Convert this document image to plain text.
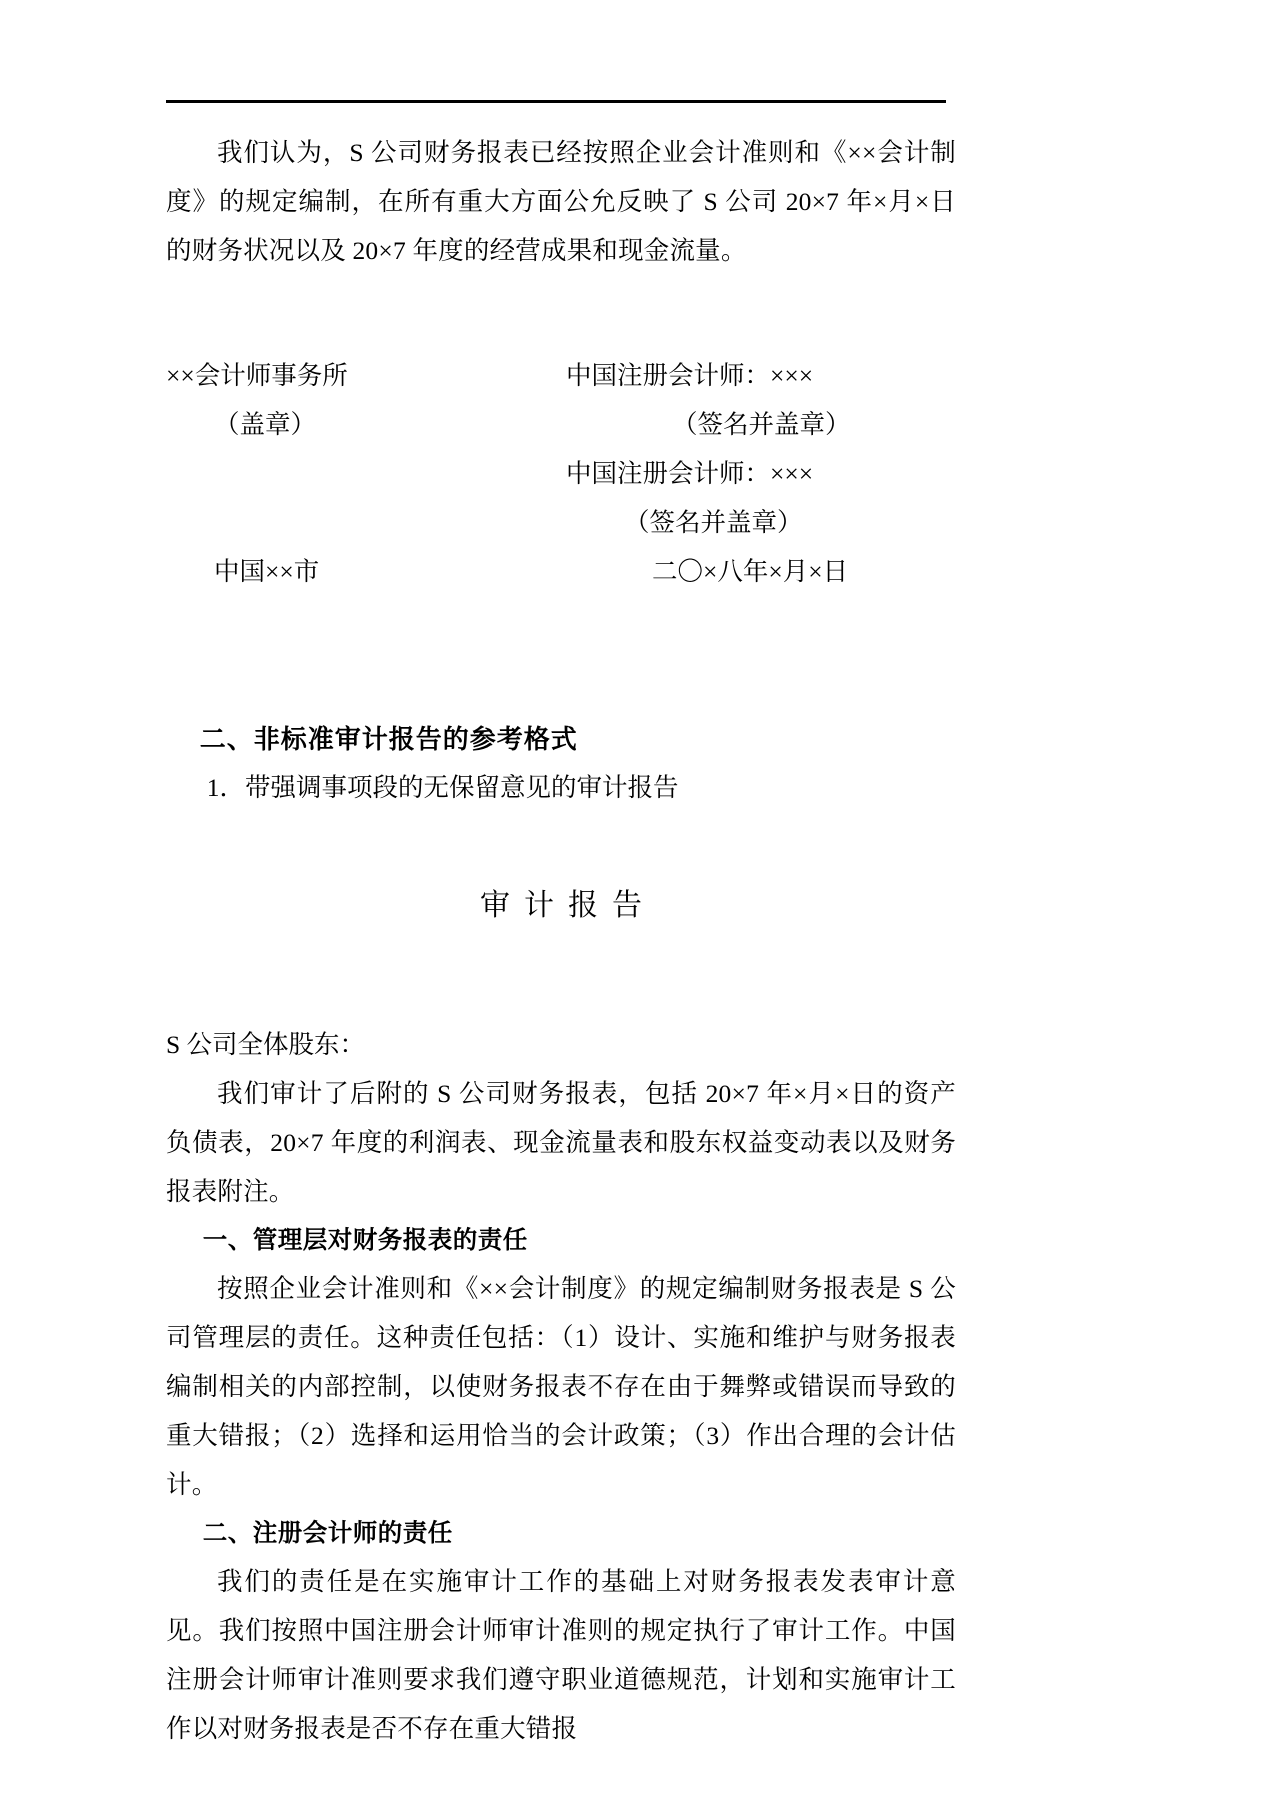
我们认为，S 公司财务报表已经按照企业会计准则和《××会计制度》的规定编制，在所有重大方面公允反映了 S 公司 20×7 年×月×日的财务状况以及 20×7 年度的经营成果和现金流量。

××会计师事务所	中国注册会计师：×××
（盖章）	（签名并盖章）
中国注册会计师：×××
（签名并盖章）
中国××市	二〇×八年×月×日
二、非标准审计报告的参考格式
1．带强调事项段的无保留意见的审计报告
审计报告
S 公司全体股东：

我们审计了后附的 S 公司财务报表，包括 20×7 年×月×日的资产负债表，20×7 年度的利润表、现金流量表和股东权益变动表以及财务报表附注。

一、管理层对财务报表的责任

按照企业会计准则和《××会计制度》的规定编制财务报表是 S 公司管理层的责任。这种责任包括：（1）设计、实施和维护与财务报表编制相关的内部控制，以使财务报表不存在由于舞弊或错误而导致的重大错报；（2）选择和运用恰当的会计政策；（3）作出合理的会计估计。

二、注册会计师的责任

我们的责任是在实施审计工作的基础上对财务报表发表审计意见。我们按照中国注册会计师审计准则的规定执行了审计工作。中国注册会计师审计准则要求我们遵守职业道德规范，计划和实施审计工作以对财务报表是否不存在重大错报
